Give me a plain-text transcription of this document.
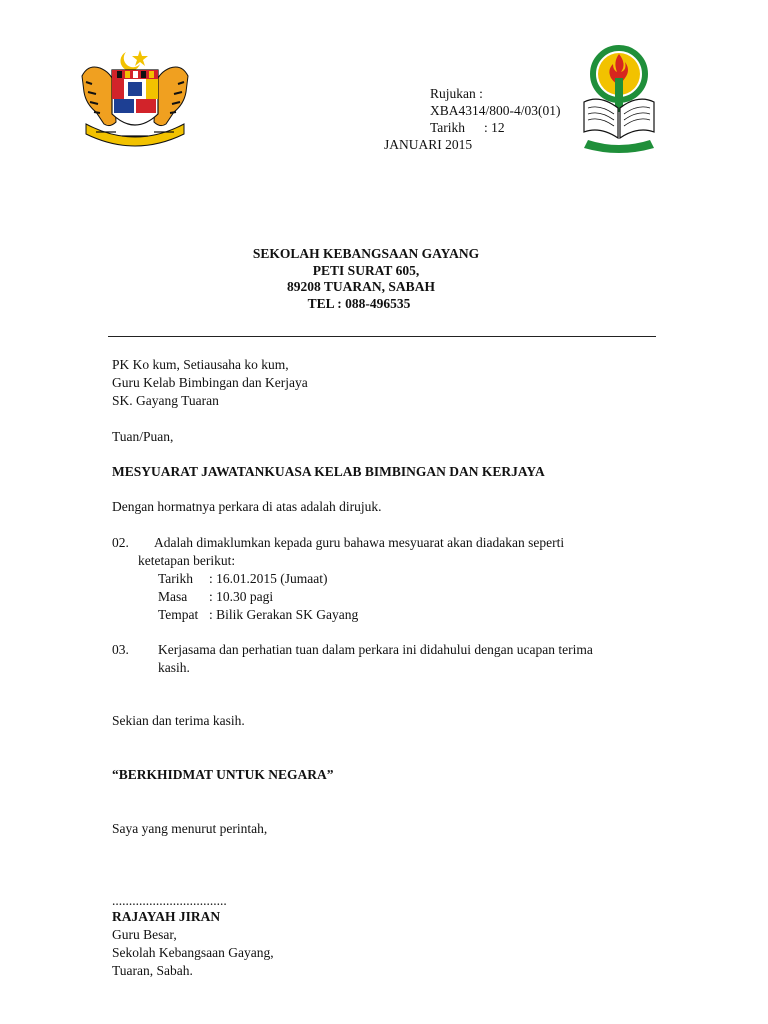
Rujukan :
XBA4314/800-4/03(01)
Tarikh : 12
JANUARI 2015
SEKOLAH KEBANGSAAN GAYANG
PETI SURAT 605,
89208 TUARAN, SABAH
TEL : 088-496535
PK Ko kum, Setiausaha ko kum,
Guru Kelab Bimbingan dan Kerjaya
SK. Gayang Tuaran
Tuan/Puan,
MESYUARAT JAWATANKUASA KELAB BIMBINGAN DAN KERJAYA
Dengan hormatnya perkara di atas adalah dirujuk.
02. Adalah dimaklumkan kepada guru bahawa mesyuarat akan diadakan seperti
ketetapan berikut:
Tarikh : 16.01.2015 (Jumaat)
Masa : 10.30 pagi
Tempat : Bilik Gerakan SK Gayang
03. Kerjasama dan perhatian tuan dalam perkara ini didahului dengan ucapan terima
kasih.
Sekian dan terima kasih.
“BERKHIDMAT UNTUK NEGARA”
Saya yang menurut perintah,
..................................
RAJAYAH JIRAN
Guru Besar,
Sekolah Kebangsaan Gayang,
Tuaran, Sabah.
